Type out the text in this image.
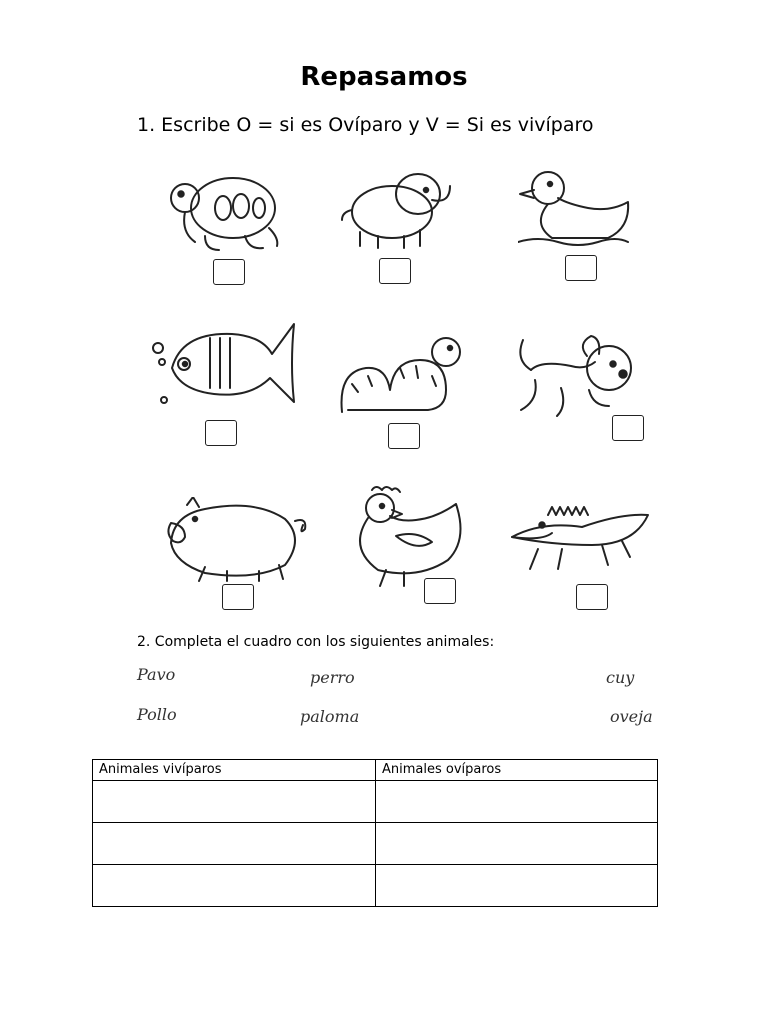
Repasamos
1. Escribe O = si es Ovíparo y V = Si es vivíparo
2. Completa el cuadro con los siguientes animales:
Pavo	perro	cuy
Pollo	paloma	oveja
Animales vivíparos	Animales ovíparos
